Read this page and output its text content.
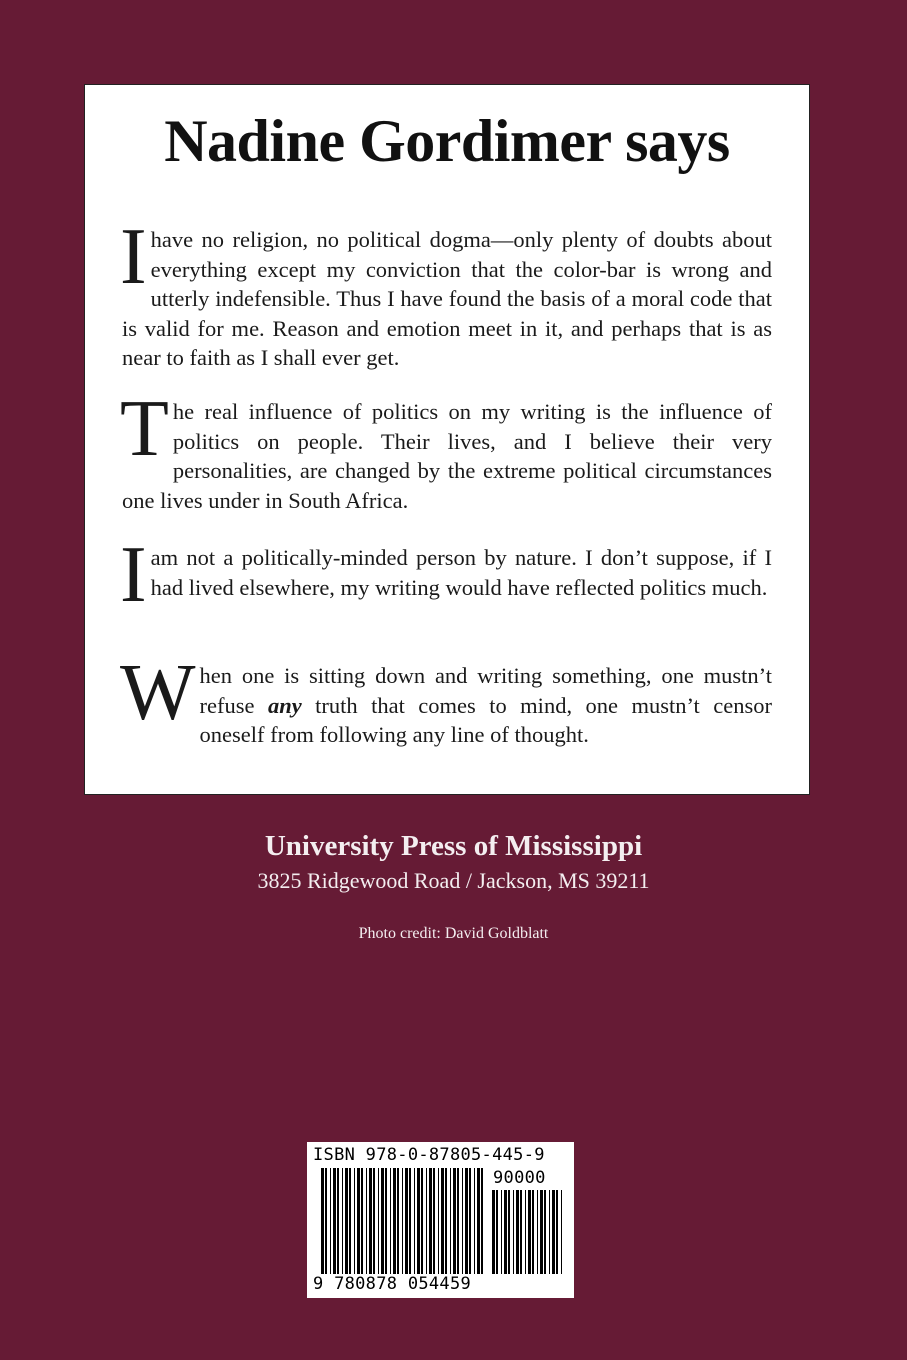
Nadine Gordimer says
Ihave no religion, no political dogma—only plenty of doubts about everything except my conviction that the color-bar is wrong and utterly indefensible. Thus I have found the basis of a moral code that is valid for me. Reason and emotion meet in it, and perhaps that is as near to faith as I shall ever get.
The real influence of politics on my writing is the influence of politics on people. Their lives, and I believe their very personalities, are changed by the extreme political circumstances one lives under in South Africa.
Iam not a politically-minded person by nature. I don’t suppose, if I had lived elsewhere, my writing would have reflected politics much.
When one is sitting down and writing something, one mustn’t refuse any truth that comes to mind, one mustn’t censor oneself from following any line of thought.
University Press of Mississippi
3825 Ridgewood Road / Jackson, MS 39211
Photo credit: David Goldblatt
ISBN 978-0-87805-445-9
90000
9 780878 054459
